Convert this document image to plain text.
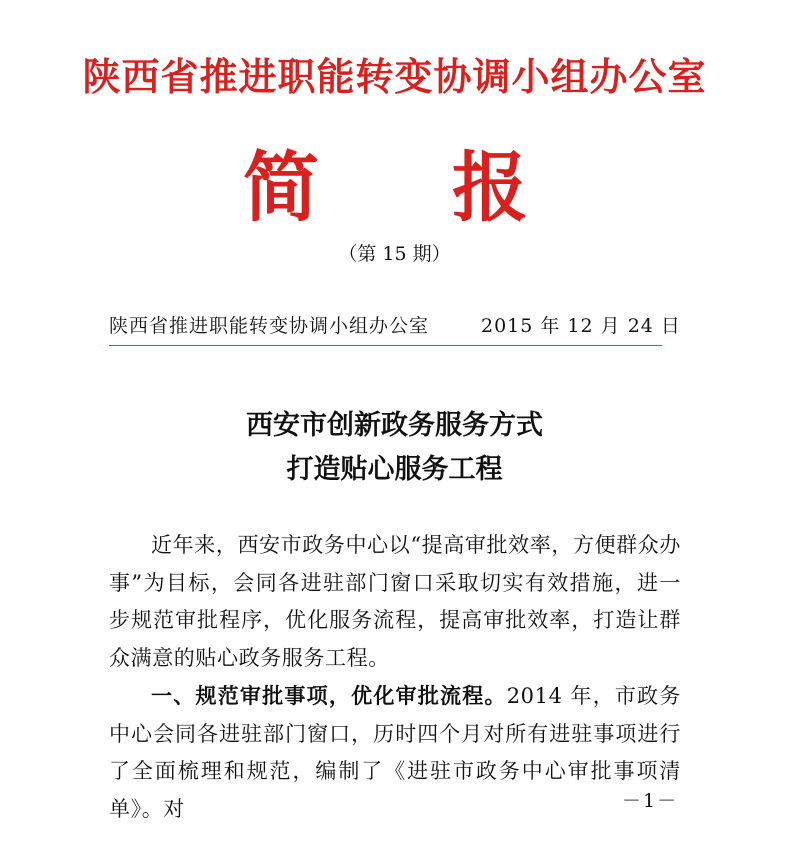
陕西省推进职能转变协调小组办公室
简 报
（第 15 期）
陕西省推进职能转变协调小组办公室	2015 年 12 月 24 日
西安市创新政务服务方式
打造贴心服务工程

近年来，西安市政务中心以“提高审批效率，方便群众办事”为目标，会同各进驻部门窗口采取切实有效措施，进一步规范审批程序，优化服务流程，提高审批效率，打造让群众满意的贴心政务服务工程。

一、规范审批事项，优化审批流程。2014 年，市政务中心会同各进驻部门窗口，历时四个月对所有进驻事项进行了全面梳理和规范，编制了《进驻市政务中心审批事项清单》。对	－1－
